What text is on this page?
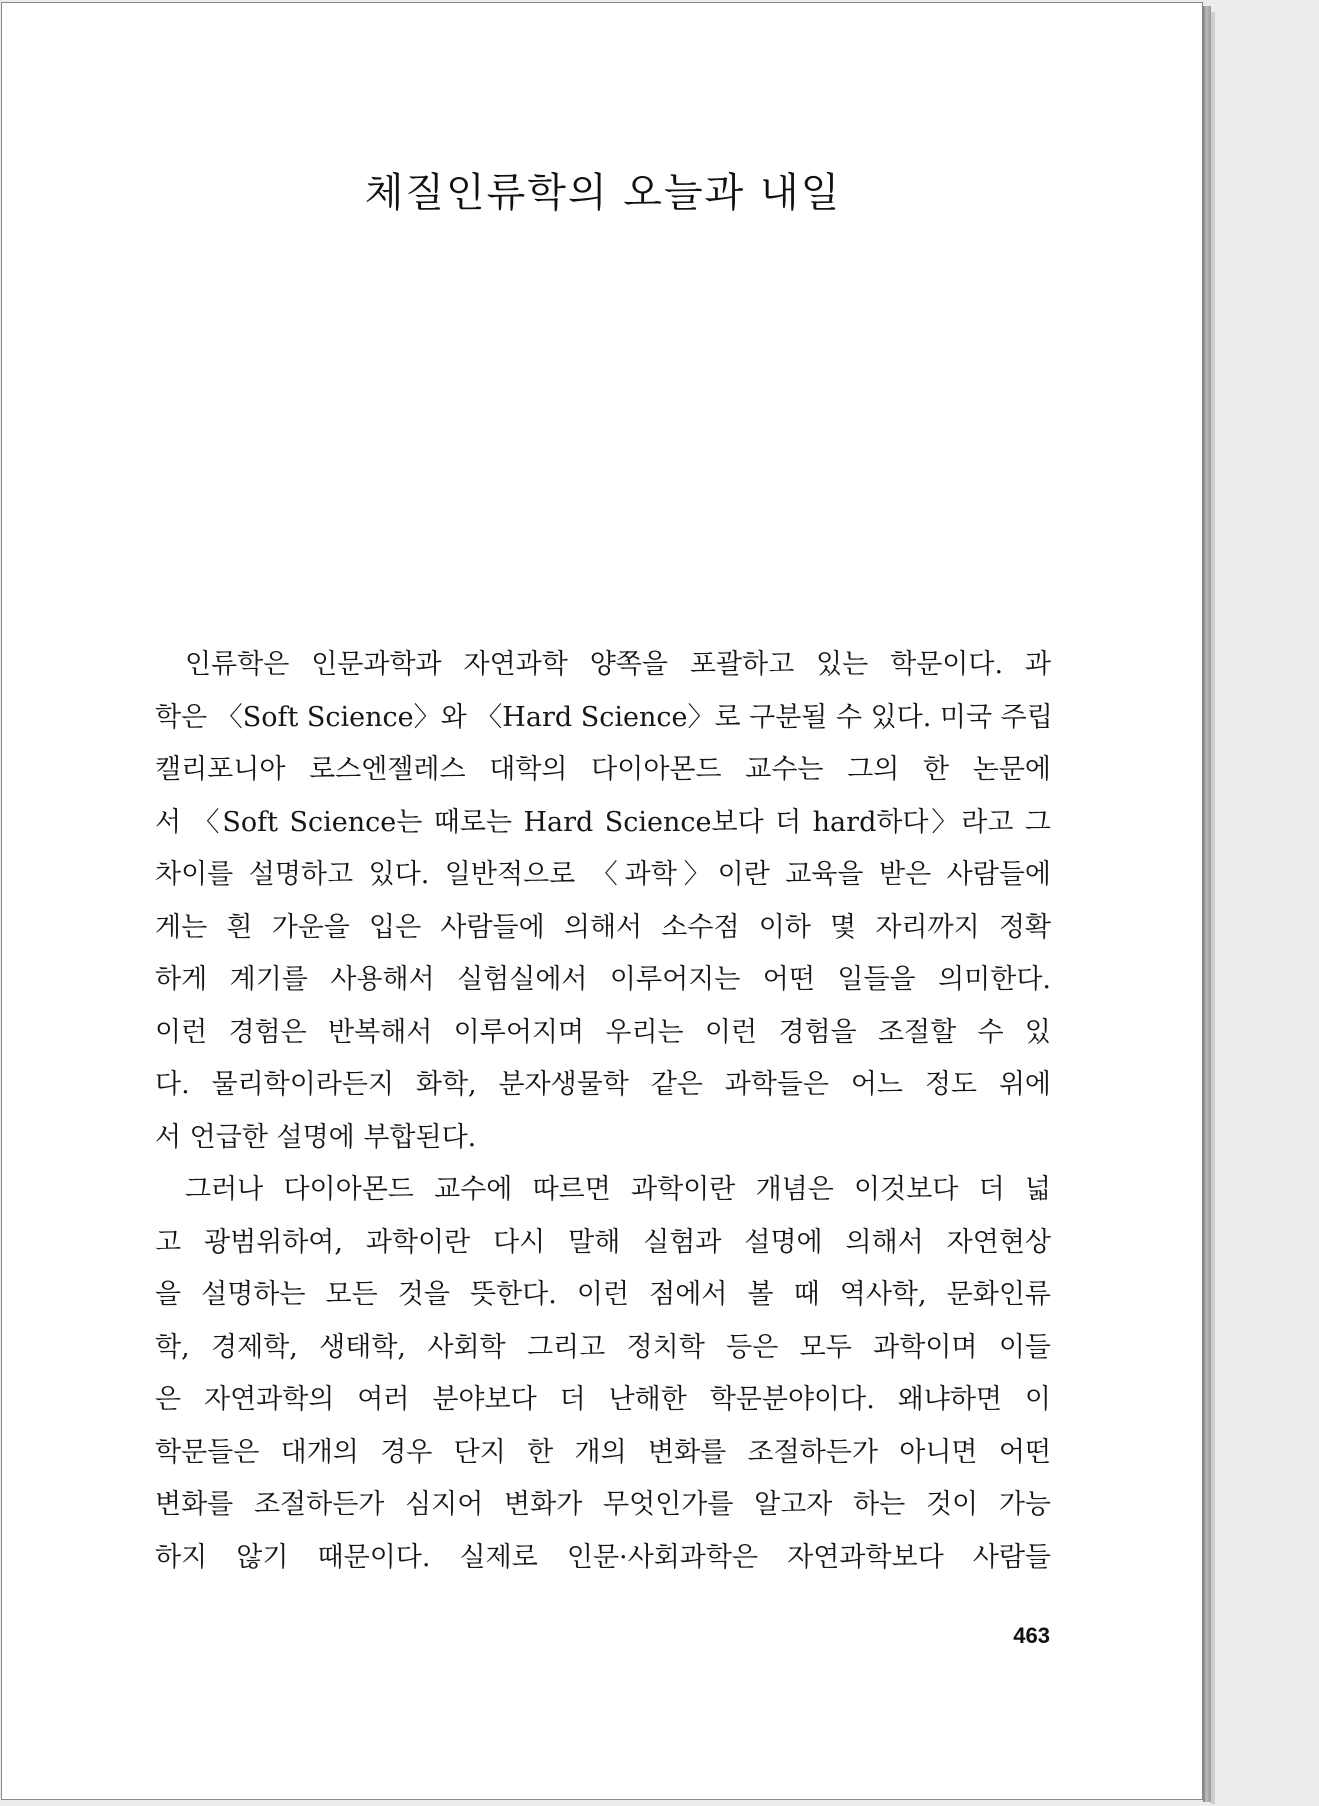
체질인류학의 오늘과 내일
인류학은 인문과학과 자연과학 양쪽을 포괄하고 있는 학문이다. 과
학은 〈Soft Science〉와 〈Hard Science〉로 구분될 수 있다. 미국 주립
캘리포니아 로스엔젤레스 대학의 다이아몬드 교수는 그의 한 논문에
서 〈Soft Science는 때로는 Hard Science보다 더 hard하다〉라고 그
차이를 설명하고 있다. 일반적으로 〈과학〉이란 교육을 받은 사람들에
게는 흰 가운을 입은 사람들에 의해서 소수점 이하 몇 자리까지 정확
하게 계기를 사용해서 실험실에서 이루어지는 어떤 일들을 의미한다.
이런 경험은 반복해서 이루어지며 우리는 이런 경험을 조절할 수 있
다. 물리학이라든지 화학, 분자생물학 같은 과학들은 어느 정도 위에
서 언급한 설명에 부합된다.
그러나 다이아몬드 교수에 따르면 과학이란 개념은 이것보다 더 넓
고 광범위하여, 과학이란 다시 말해 실험과 설명에 의해서 자연현상
을 설명하는 모든 것을 뜻한다. 이런 점에서 볼 때 역사학, 문화인류
학, 경제학, 생태학, 사회학 그리고 정치학 등은 모두 과학이며 이들
은 자연과학의 여러 분야보다 더 난해한 학문분야이다. 왜냐하면 이
학문들은 대개의 경우 단지 한 개의 변화를 조절하든가 아니면 어떤
변화를 조절하든가 심지어 변화가 무엇인가를 알고자 하는 것이 가능
하지 않기 때문이다. 실제로 인문·사회과학은 자연과학보다 사람들
463
